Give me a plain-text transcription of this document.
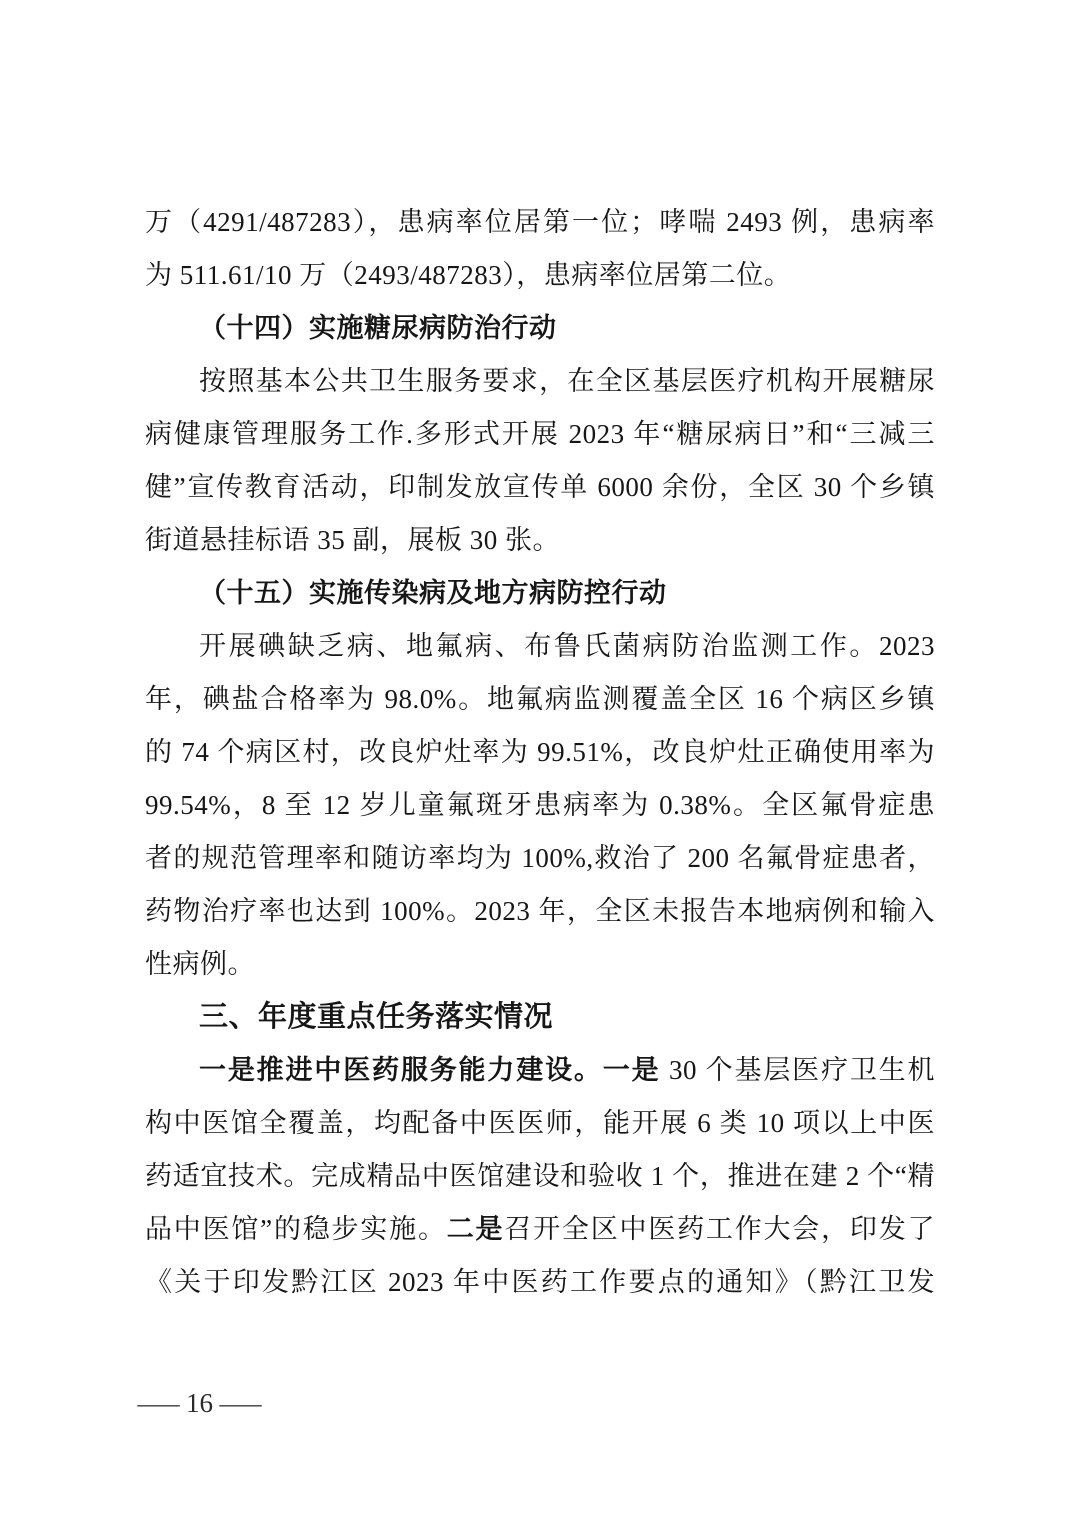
万（4291/487283），患病率位居第一位；哮喘 2493 例，患病率
为 511.61/10 万（2493/487283），患病率位居第二位。
（十四）实施糖尿病防治行动
按照基本公共卫生服务要求，在全区基层医疗机构开展糖尿
病健康管理服务工作.多形式开展 2023 年“糖尿病日”和“三减三
健”宣传教育活动，印制发放宣传单 6000 余份，全区 30 个乡镇
街道悬挂标语 35 副，展板 30 张。
（十五）实施传染病及地方病防控行动
开展碘缺乏病、地氟病、布鲁氏菌病防治监测工作。2023
年，碘盐合格率为 98.0%。地氟病监测覆盖全区 16 个病区乡镇
的 74 个病区村，改良炉灶率为 99.51%，改良炉灶正确使用率为
99.54%，8 至 12 岁儿童氟斑牙患病率为 0.38%。全区氟骨症患
者的规范管理率和随访率均为 100%,救治了 200 名氟骨症患者，
药物治疗率也达到 100%。2023 年，全区未报告本地病例和输入
性病例。
三、年度重点任务落实情况
一是推进中医药服务能力建设。一是 30 个基层医疗卫生机
构中医馆全覆盖，均配备中医医师，能开展 6 类 10 项以上中医
药适宜技术。完成精品中医馆建设和验收 1 个，推进在建 2 个“精
品中医馆”的稳步实施。二是召开全区中医药工作大会，印发了
《关于印发黔江区 2023 年中医药工作要点的通知》（黔江卫发
— 16 —
